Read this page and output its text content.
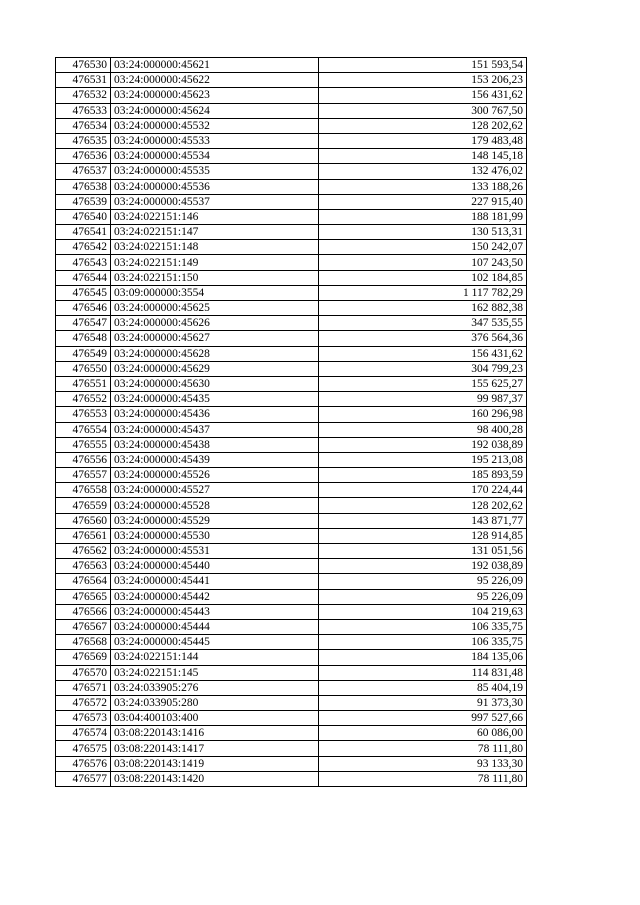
476530	03:24:000000:45621	151 593,54
476531	03:24:000000:45622	153 206,23
476532	03:24:000000:45623	156 431,62
476533	03:24:000000:45624	300 767,50
476534	03:24:000000:45532	128 202,62
476535	03:24:000000:45533	179 483,48
476536	03:24:000000:45534	148 145,18
476537	03:24:000000:45535	132 476,02
476538	03:24:000000:45536	133 188,26
476539	03:24:000000:45537	227 915,40
476540	03:24:022151:146	188 181,99
476541	03:24:022151:147	130 513,31
476542	03:24:022151:148	150 242,07
476543	03:24:022151:149	107 243,50
476544	03:24:022151:150	102 184,85
476545	03:09:000000:3554	1 117 782,29
476546	03:24:000000:45625	162 882,38
476547	03:24:000000:45626	347 535,55
476548	03:24:000000:45627	376 564,36
476549	03:24:000000:45628	156 431,62
476550	03:24:000000:45629	304 799,23
476551	03:24:000000:45630	155 625,27
476552	03:24:000000:45435	99 987,37
476553	03:24:000000:45436	160 296,98
476554	03:24:000000:45437	98 400,28
476555	03:24:000000:45438	192 038,89
476556	03:24:000000:45439	195 213,08
476557	03:24:000000:45526	185 893,59
476558	03:24:000000:45527	170 224,44
476559	03:24:000000:45528	128 202,62
476560	03:24:000000:45529	143 871,77
476561	03:24:000000:45530	128 914,85
476562	03:24:000000:45531	131 051,56
476563	03:24:000000:45440	192 038,89
476564	03:24:000000:45441	95 226,09
476565	03:24:000000:45442	95 226,09
476566	03:24:000000:45443	104 219,63
476567	03:24:000000:45444	106 335,75
476568	03:24:000000:45445	106 335,75
476569	03:24:022151:144	184 135,06
476570	03:24:022151:145	114 831,48
476571	03:24:033905:276	85 404,19
476572	03:24:033905:280	91 373,30
476573	03:04:400103:400	997 527,66
476574	03:08:220143:1416	60 086,00
476575	03:08:220143:1417	78 111,80
476576	03:08:220143:1419	93 133,30
476577	03:08:220143:1420	78 111,80
